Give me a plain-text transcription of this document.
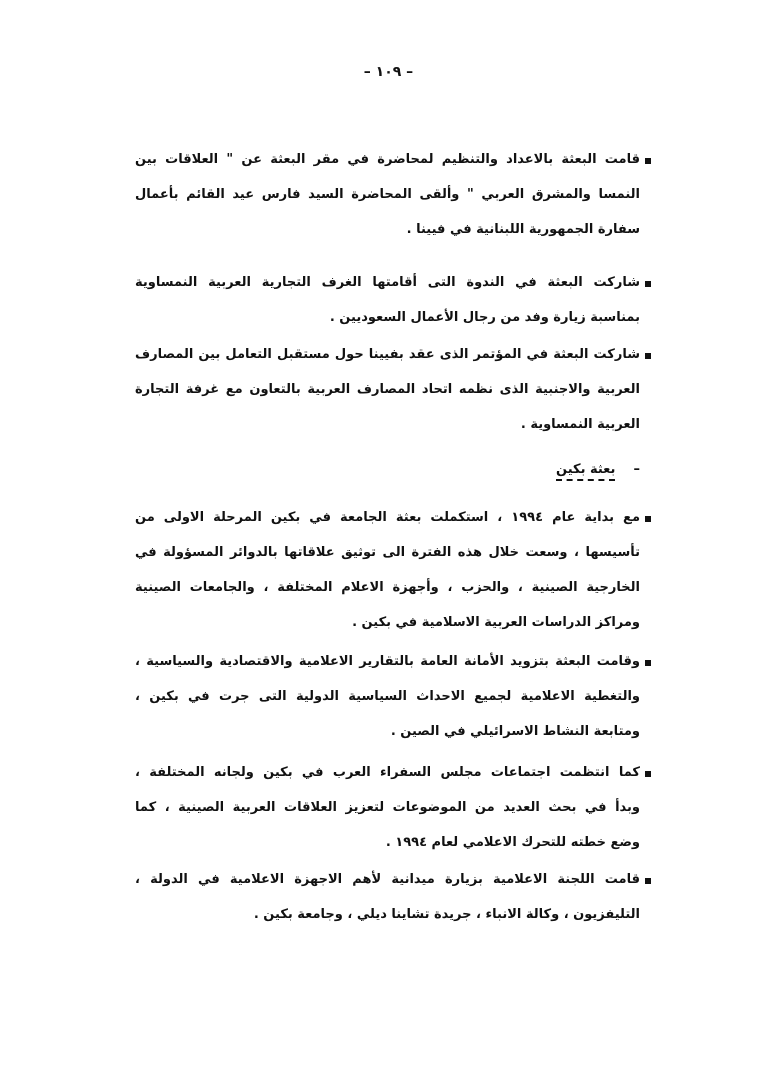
– ١٠٩ –
قامت البعثة بالاعداد والتنظيم لمحاضرة في مقر البعثة عن " العلاقات بين
النمسا والمشرق العربي " وألقى المحاضرة السيد فارس عيد القائم بأعمال
سفارة الجمهورية اللبنانية في فيينا .
شاركت البعثة في الندوة التى أقامتها الغرف التجارية العربية النمساوية
بمناسبة زيارة وفد من رجال الأعمال السعوديين .
شاركت البعثة في المؤتمر الذى عقد بفيينا حول مستقبل التعامل بين المصارف
العربية والاجنبية الذى نظمه اتحاد المصارف العربية بالتعاون مع غرفة التجارة
العربية النمساوية .
مع بداية عام ١٩٩٤ ، استكملت بعثة الجامعة في بكين المرحلة الاولى من
تأسيسها ، وسعت خلال هذه الفترة الى توثيق علاقاتها بالدوائر المسؤولة في
الخارجية الصينية ، والحزب ، وأجهزة الاعلام المختلفة ، والجامعات الصينية
ومراكز الدراسات العربية الاسلامية في بكين .
وقامت البعثة بتزويد الأمانة العامة بالتقارير الاعلامية والاقتصادية والسياسية ،
والتغطية الاعلامية لجميع الاحداث السياسية الدولية التى جرت في بكين ،
ومتابعة النشاط الاسرائيلي في الصين .
كما انتظمت اجتماعات مجلس السفراء العرب في بكين ولجانه المختلفة ،
وبدأ في بحث العديد من الموضوعات لتعزيز العلاقات العربية الصينية ، كما
وضع خطته للتحرك الاعلامي لعام ١٩٩٤ .
قامت اللجنة الاعلامية بزيارة ميدانية لأهم الاجهزة الاعلامية في الدولة ،
التليفزيون ، وكالة الانباء ، جريدة تشاينا ديلي ، وجامعة بكين .
–    بعثة بكين
